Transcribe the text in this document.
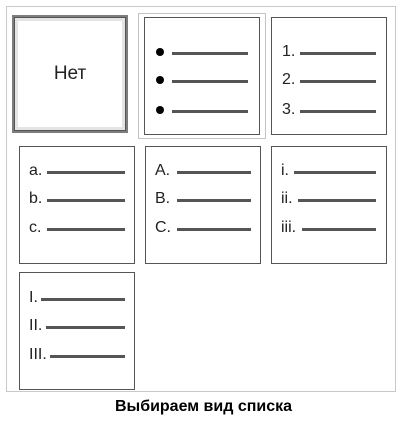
Нет
1.
2.
3.
a.
b.
c.
A.
B.
C.
i.
ii.
iii.
I.
II.
III.
Выбираем вид списка
